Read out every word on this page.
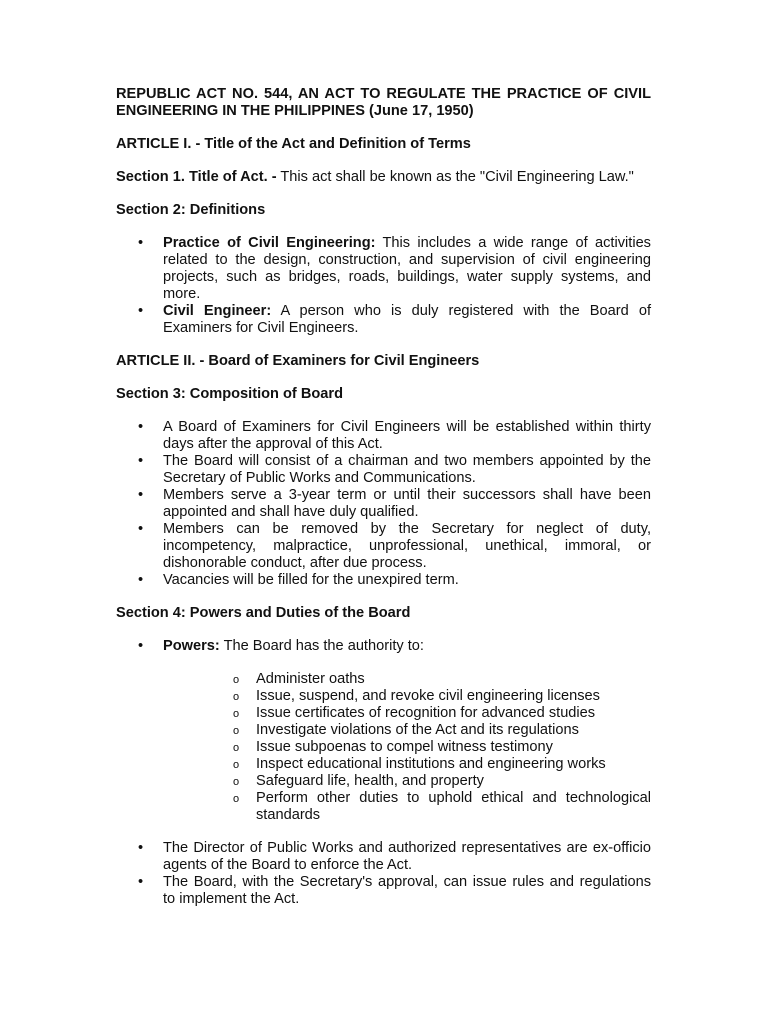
REPUBLIC ACT NO. 544, AN ACT TO REGULATE THE PRACTICE OF CIVIL ENGINEERING IN THE PHILIPPINES (June 17, 1950)

ARTICLE I. - Title of the Act and Definition of Terms

Section 1. Title of Act. - This act shall be known as the "Civil Engineering Law."

Section 2: Definitions

• Practice of Civil Engineering: This includes a wide range of activities related to the design, construction, and supervision of civil engineering projects, such as bridges, roads, buildings, water supply systems, and more.
• Civil Engineer: A person who is duly registered with the Board of Examiners for Civil Engineers.

ARTICLE II. - Board of Examiners for Civil Engineers

Section 3: Composition of Board

• A Board of Examiners for Civil Engineers will be established within thirty days after the approval of this Act.
• The Board will consist of a chairman and two members appointed by the Secretary of Public Works and Communications.
• Members serve a 3-year term or until their successors shall have been appointed and shall have duly qualified.
• Members can be removed by the Secretary for neglect of duty, incompetency, malpractice, unprofessional, unethical, immoral, or dishonorable conduct, after due process.
• Vacancies will be filled for the unexpired term.

Section 4: Powers and Duties of the Board

• Powers: The Board has the authority to:
o Administer oaths
o Issue, suspend, and revoke civil engineering licenses
o Issue certificates of recognition for advanced studies
o Investigate violations of the Act and its regulations
o Issue subpoenas to compel witness testimony
o Inspect educational institutions and engineering works
o Safeguard life, health, and property
o Perform other duties to uphold ethical and technological standards
• The Director of Public Works and authorized representatives are ex-officio agents of the Board to enforce the Act.
• The Board, with the Secretary's approval, can issue rules and regulations to implement the Act.
